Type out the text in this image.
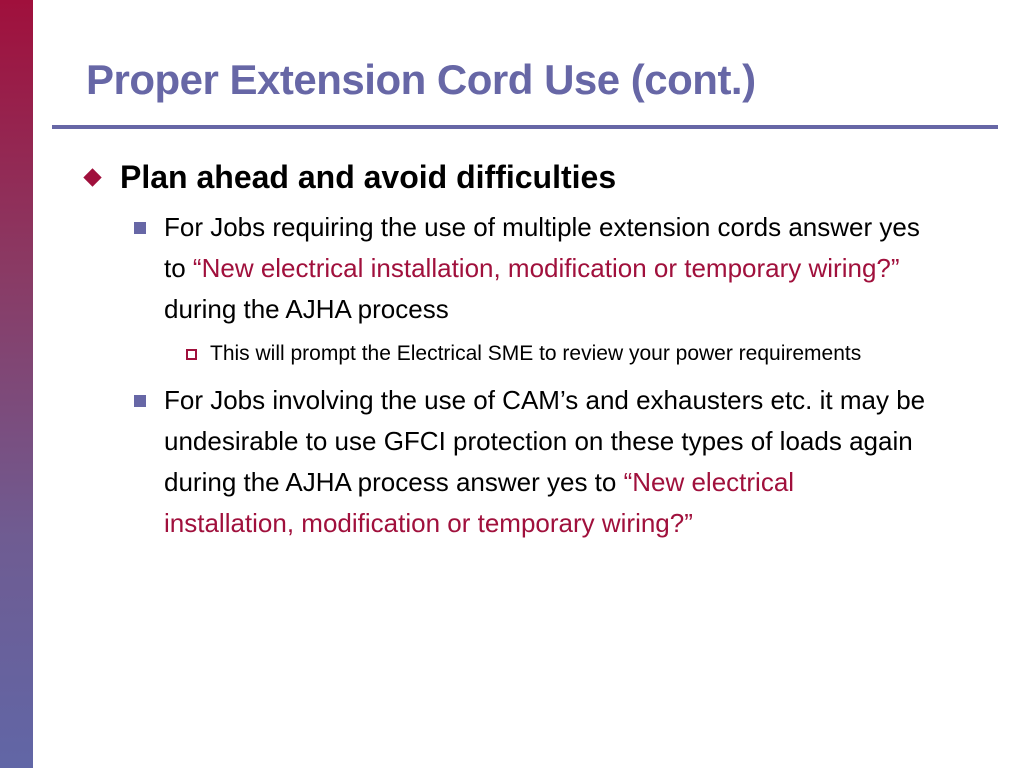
Proper Extension Cord Use (cont.)
Plan ahead and avoid difficulties
For Jobs requiring the use of multiple extension cords answer yes
to “New electrical installation, modification or temporary wiring?”
during the AJHA process
This will prompt the Electrical SME to review your power requirements
For Jobs involving the use of CAM’s and exhausters etc. it may be
undesirable to use GFCI protection on these types of loads again
during the AJHA process answer yes to “New electrical
installation, modification or temporary wiring?”
